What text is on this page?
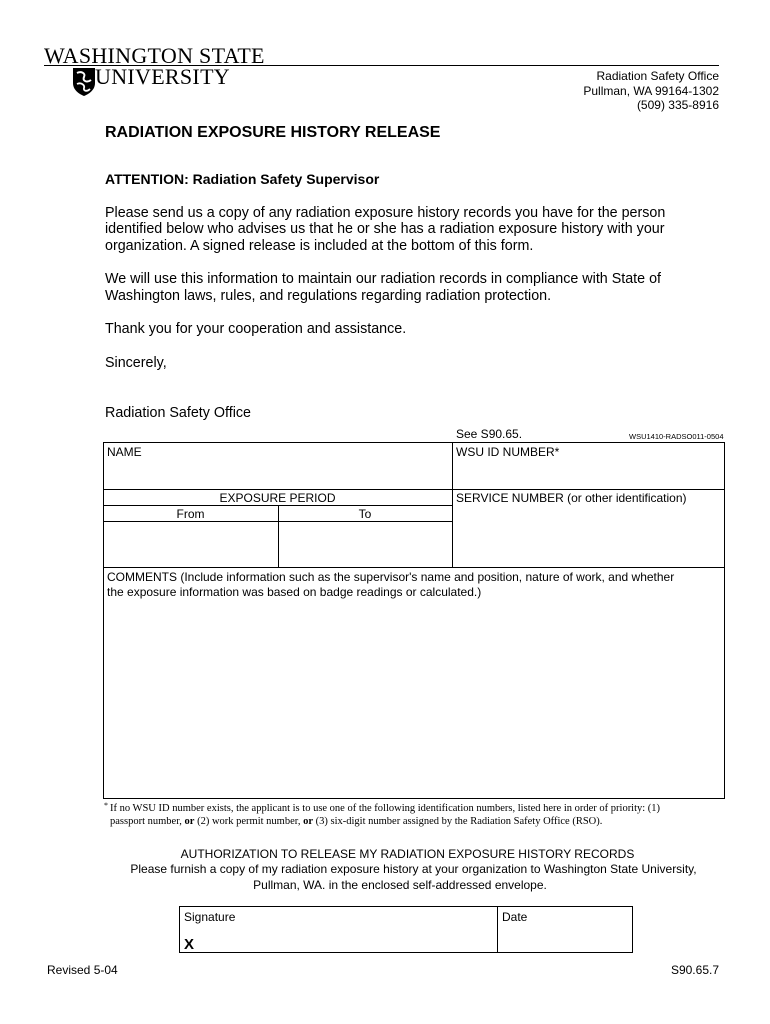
WASHINGTON STATE
UNIVERSITY	Radiation Safety Office
Pullman, WA 99164-1302
(509) 335-8916
RADIATION EXPOSURE HISTORY RELEASE
ATTENTION: Radiation Safety Supervisor
Please send us a copy of any radiation exposure history records you have for the person
identified below who advises us that he or she has a radiation exposure history with your
organization. A signed release is included at the bottom of this form.
We will use this information to maintain our radiation records in compliance with State of
Washington laws, rules, and regulations regarding radiation protection.
Thank you for your cooperation and assistance.
Sincerely,
Radiation Safety Office
See S90.65.	WSU1410-RADSO011-0504
NAME	WSU ID NUMBER*
EXPOSURE PERIOD
From	To
SERVICE NUMBER (or other identification)
COMMENTS (Include information such as the supervisor's name and position, nature of work, and whether
the exposure information was based on badge readings or calculated.)
* If no WSU ID number exists, the applicant is to use one of the following identification numbers, listed here in order of priority: (1)
passport number, or (2) work permit number, or (3) six-digit number assigned by the Radiation Safety Office (RSO).
AUTHORIZATION TO RELEASE MY RADIATION EXPOSURE HISTORY RECORDS
Please furnish a copy of my radiation exposure history at your organization to Washington State University,
Pullman, WA. in the enclosed self-addressed envelope.
Signature
X
Date
Revised 5-04	S90.65.7
